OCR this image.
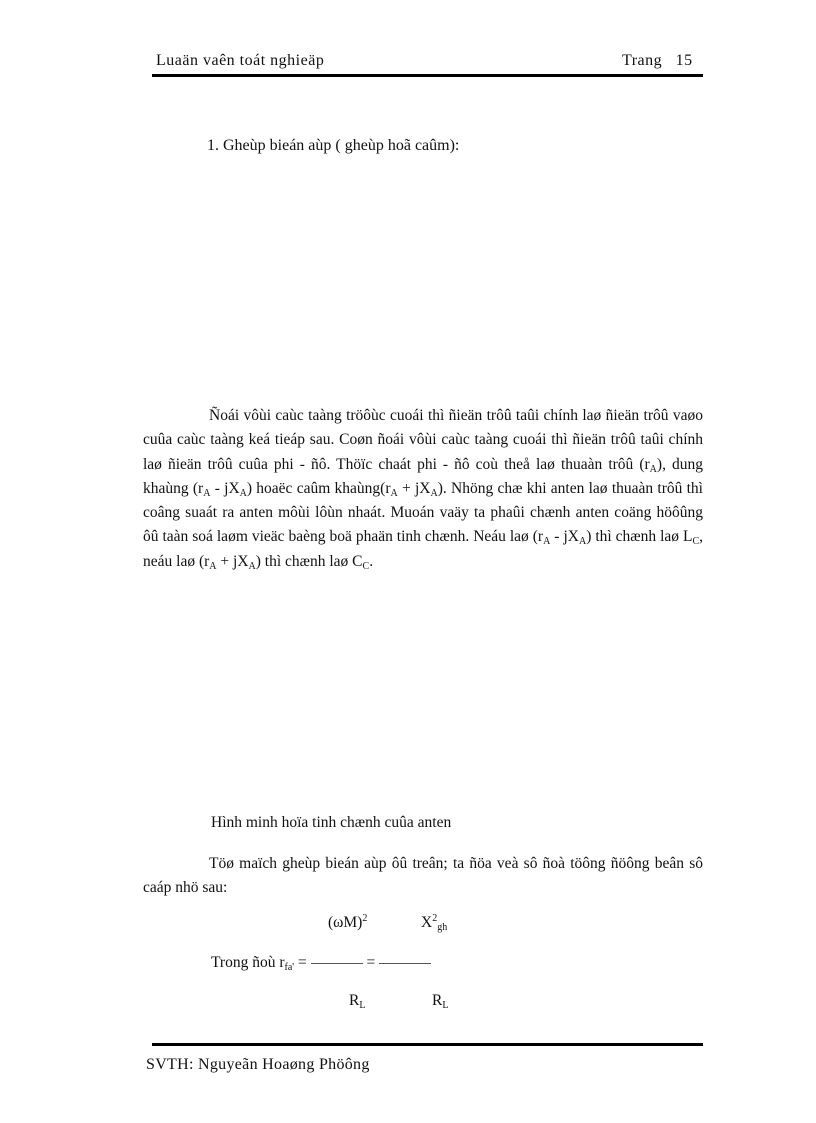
Luaän vaên toát nghieäp	Trang   15
1. Gheùp bieán aùp ( gheùp hoã caûm):

Ñoái vôùi caùc taàng tröôùc cuoái thì ñieän trôû taûi chính laø ñieän trôû vaøo cuûa caùc taàng keá tieáp sau. Coøn ñoái vôùi caùc taàng cuoái thì ñieän trôû taûi chính laø ñieän trôû cuûa phi - ñô. Thöïc chaát phi - ñô coù theå laø thuaàn trôû $(r_A)$, dung khaùng $(r_A - jX_A)$ hoaëc caûm $khaùng(r_A + jX_A)$. Nhöng chæ khi anten laø thuaàn trôû thì coâng suaát ra anten môùi lôùn nhaát. Muoán vaäy ta phaûi chænh anten coäng höôûng ôû taàn soá laøm vieäc baèng boä phaän tinh chænh. Neáu laø $(r_A - jX_A)$ thì chænh laø $L_C$, neáu laø $(r_A + jX_A)$ thì chænh laø $C_C$.

Hình minh hoïa tinh chænh cuûa anten

Töø maïch gheùp bieán aùp ôû treân; ta ñöa veà sô ñoà töông ñöông beân sô caáp nhö sau:

$(\omega M)^2$	$X^2_{gh}$
Trong ñoù $r_{fa'}$ =	=
$R_L$	$R_L$
SVTH: Nguyeãn Hoaøng Phöông
